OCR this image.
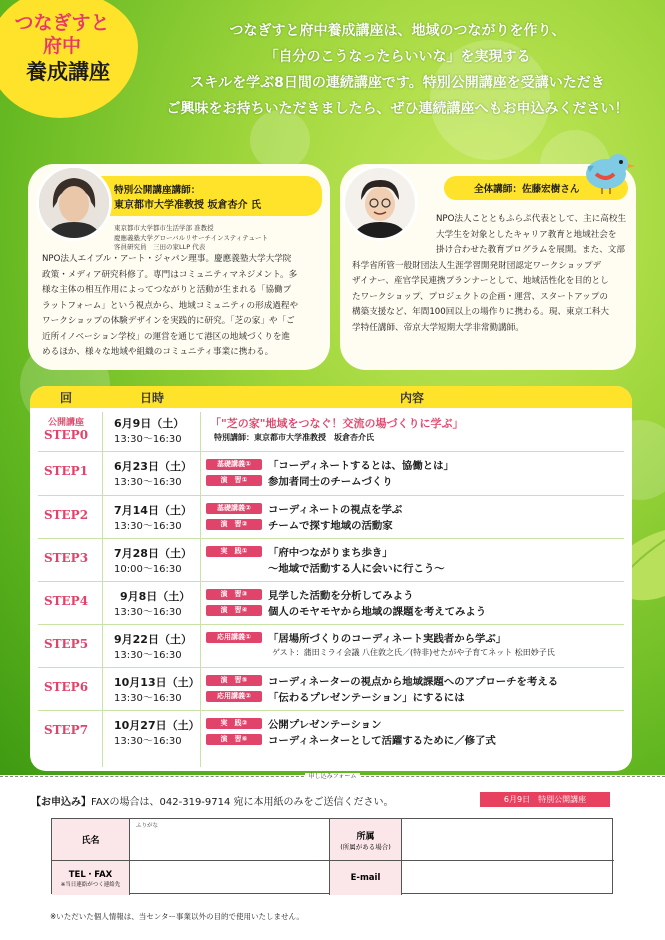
つなぎすと
府中
養成講座
つなぎすと府中養成講座は、地域のつながりを作り、
「自分のこうなったらいいな」を実現する
スキルを学ぶ8日間の連続講座です。特別公開講座を受講いただき
ご興味をお持ちいただきましたら、ぜひ連続講座へもお申込みください！
特別公開講座講師：
東京都市大学准教授 坂倉杏介 氏
東京都市大学都市生活学部 准教授
慶應義塾大学グローバルリサーチインスティテュート
客員研究員　三田の家LLP 代表
NPO法人エイブル・アート・ジャパン理事。慶應義塾大学大学院
政策・メディア研究科修了。専門はコミュニティマネジメント。多
様な主体の相互作用によってつながりと活動が生まれる「協働プ
ラットフォーム」という視点から、地域コミュニティの形成過程や
ワークショップの体験デザインを実践的に研究。「芝の家」や「ご
近所イノベーション学校」の運営を通じて港区の地域づくりを進
めるほか、様々な地域や組織のコミュニティ事業に携わる。
全体講師：佐藤宏樹さん
NPO法人ことともふらぷ代表として、主に高校生
大学生を対象としたキャリア教育と地域社会を
掛け合わせた教育プログラムを展開。また、文部
科学省所管一般財団法人生涯学習開発財団認定ワークショップデ
ザイナー、産官学民連携プランナーとして、地域活性化を目的とし
たワークショップ、プロジェクトの企画・運営、スタートアップの
構築支援など、年間100回以上の場作りに携わる。現、東京工科大
学特任講師、帝京大学短期大学非常勤講師。
回	日時	内容
公開講座
STEP0
6月9日（土）
13:30～16:30
「"芝の家"地域をつなぐ！交流の場づくりに学ぶ」
特別講師：東京都市大学准教授　坂倉杏介氏
STEP1	6月23日（土）
13:30～16:30
基礎講義①	「コーディネートするとは、協働とは」
演　習①	参加者同士のチームづくり
STEP2	7月14日（土）
13:30～16:30
基礎講義②	コーディネートの視点を学ぶ
演　習②	チームで探す地域の活動家
STEP3	7月28日（土）
10:00～16:30
実　践①	「府中つながりまち歩き」
～地域で活動する人に会いに行こう～
STEP4	9月8日（土）
13:30～16:30
演　習③	見学した活動を分析してみよう
演　習④	個人のモヤモヤから地域の課題を考えてみよう
STEP5	9月22日（土）
13:30～16:30
応用講義①	「居場所づくりのコーディネート実践者から学ぶ」
ゲスト：蒲田ミライ会議 八住敦之氏／(特非)せたがや子育てネット 松田妙子氏
STEP6	10月13日（土）
13:30～16:30
演　習⑤	コーディネーターの視点から地域課題へのアプローチを考える
応用講義②	「伝わるプレゼンテーション」にするには
STEP7	10月27日（土）
13:30～16:30
実　践②	公開プレゼンテーション
演　習⑥	コーディネーターとして活躍するために／修了式
申し込みフォーム
【お申込み】FAXの場合は、042-319-9714 宛に本用紙のみをご送信ください。	6月9日　特別公開講座
氏名
ふりがな
所属
(所属がある場合)
TEL・FAX
※当日連絡がつく連絡先
E-mail
※いただいた個人情報は、当センター事業以外の目的で使用いたしません。
